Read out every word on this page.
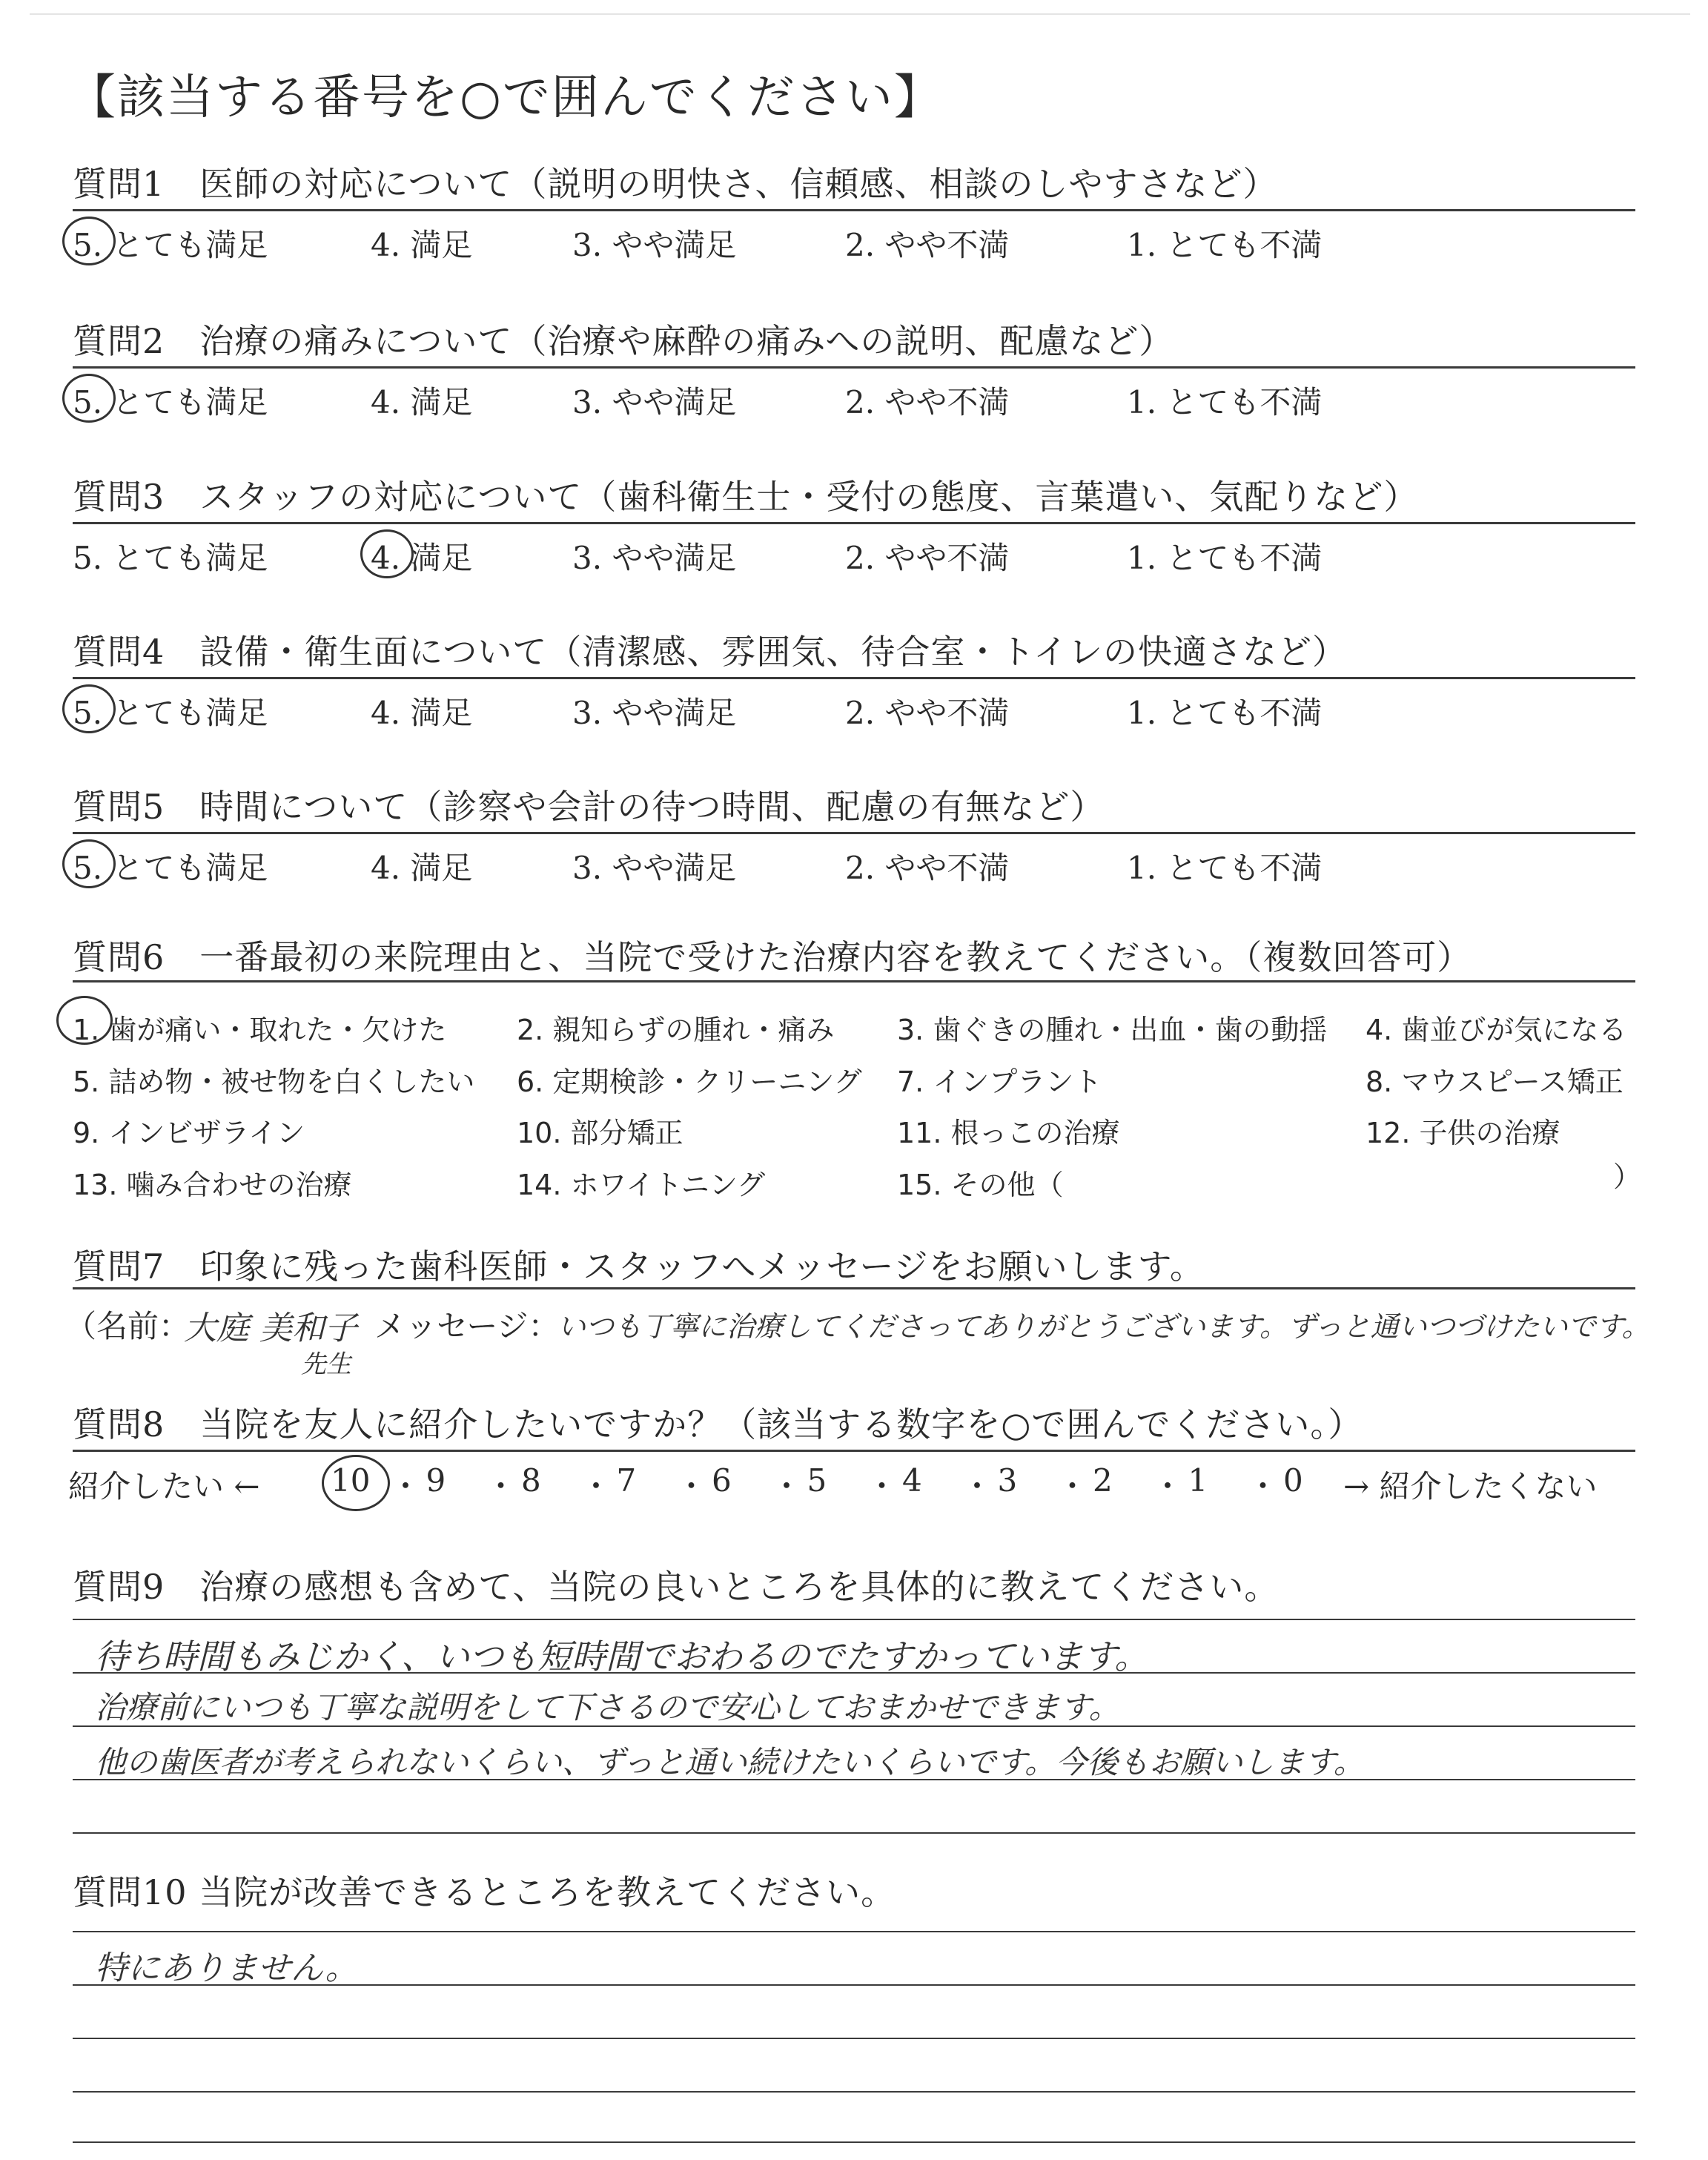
【該当する番号を○で囲んでください】
質問6　一番最初の来院理由と、当院で受けた治療内容を教えてください。（複数回答可）
）
質問7　印象に残った歯科医師・スタッフへメッセージをお願いします。
（名前：
大庭 美和子
先生
メッセージ：
いつも丁寧に治療してくださってありがとうございます。ずっと通いつづけたいです。
質問8　当院を友人に紹介したいですか？（該当する数字を○で囲んでください。）
紹介したい ←	→ 紹介したくない
質問9　治療の感想も含めて、当院の良いところを具体的に教えてください。
待ち時間もみじかく、いつも短時間でおわるのでたすかっています。
治療前にいつも丁寧な説明をして下さるので安心しておまかせできます。
他の歯医者が考えられないくらい、ずっと通い続けたいくらいです。今後もお願いします。
質問10 当院が改善できるところを教えてください。
特にありません。
質問1　医師の対応について（説明の明快さ、信頼感、相談のしやすさなど）
5. とても満足	4. 満足	3. やや満足	2. やや不満	1. とても不満
質問2　治療の痛みについて（治療や麻酔の痛みへの説明、配慮など）
5. とても満足	4. 満足	3. やや満足	2. やや不満	1. とても不満
質問3　スタッフの対応について（歯科衛生士・受付の態度、言葉遣い、気配りなど）
5. とても満足	4. 満足	3. やや満足	2. やや不満	1. とても不満
質問4　設備・衛生面について（清潔感、雰囲気、待合室・トイレの快適さなど）
5. とても満足	4. 満足	3. やや満足	2. やや不満	1. とても不満
質問5　時間について（診察や会計の待つ時間、配慮の有無など）
5. とても満足	4. 満足	3. やや満足	2. やや不満	1. とても不満
1. 歯が痛い・取れた・欠けた 2. 親知らずの腫れ・痛み 3. 歯ぐきの腫れ・出血・歯の動揺 4. 歯並びが気になる
5. 詰め物・被せ物を白くしたい 6. 定期検診・クリーニング 7. インプラント	8. マウスピース矯正
9. インビザライン	10. 部分矯正	11. 根っこの治療	12. 子供の治療
13. 噛み合わせの治療	14. ホワイトニング	15. その他（
10 ・ 9 ・ 8 ・ 7 ・ 6 ・ 5 ・ 4 ・ 3 ・ 2 ・ 1 ・ 0
